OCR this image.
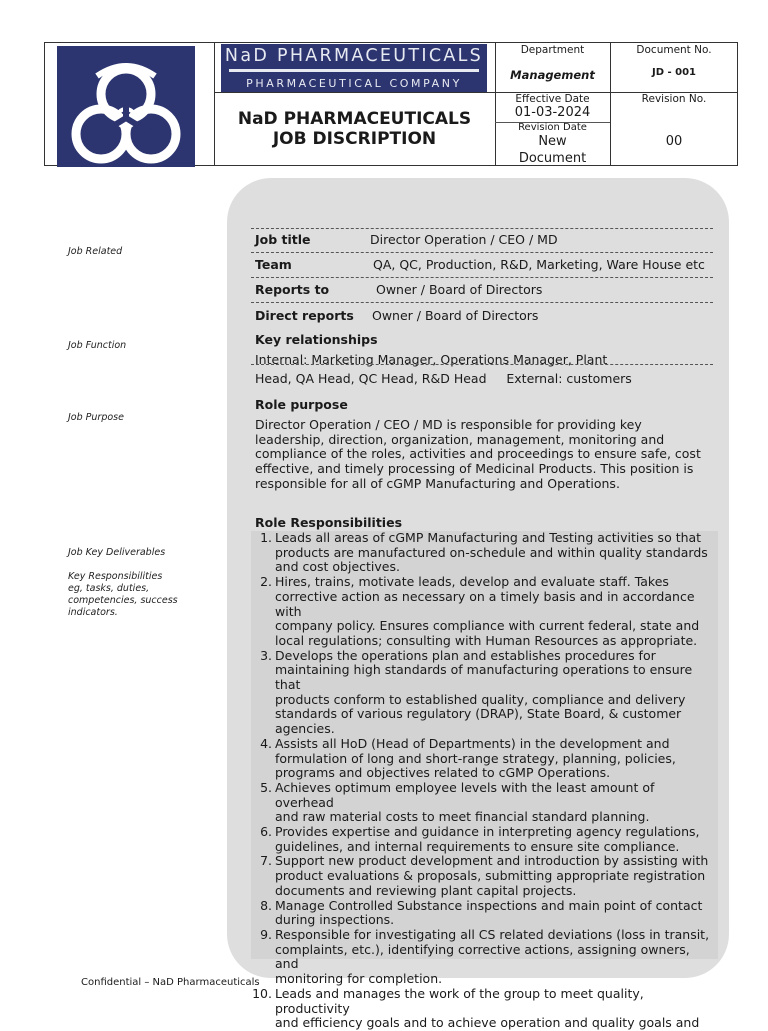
NaD PHARMACEUTICALS
PHARMACEUTICAL COMPANY
NaD PHARMACEUTICALS
JOB DISCRIPTION
Department
Management
Document No.
JD - 001
Effective Date
01-03-2024
Revision Date
New
Document
Revision No.
00
Job Related
Job Function
Job Purpose
Job Key Deliverables
Key Responsibilities
eg, tasks, duties,
competencies, success
indicators.
Job title	Director Operation / CEO / MD
Team	QA, QC, Production, R&D, Marketing, Ware House etc
Reports to	Owner / Board of Directors
Direct reports Owner / Board of Directors
Key relationships
Internal: Marketing Manager, Operations Manager, Plant
Head, QA Head, QC Head, R&D Head     External: customers
Role purpose
Director Operation / CEO / MD is responsible for providing key
leadership, direction, organization, management, monitoring and
compliance of the roles, activities and proceedings to ensure safe, cost
effective, and timely processing of Medicinal Products. This position is
responsible for all of cGMP Manufacturing and Operations.
Role Responsibilities
1. Leads all areas of cGMP Manufacturing and Testing activities so that
products are manufactured on-schedule and within quality standards
and cost objectives.
2. Hires, trains, motivate leads, develop and evaluate staff. Takes
corrective action as necessary on a timely basis and in accordance with
company policy. Ensures compliance with current federal, state and
local regulations; consulting with Human Resources as appropriate.
3. Develops the operations plan and establishes procedures for
maintaining high standards of manufacturing operations to ensure that
products conform to established quality, compliance and delivery
standards of various regulatory (DRAP), State Board, & customer
agencies.
4. Assists all HoD (Head of Departments) in the development and
formulation of long and short-range strategy, planning, policies,
programs and objectives related to cGMP Operations.
5. Achieves optimum employee levels with the least amount of overhead
and raw material costs to meet financial standard planning.
6. Provides expertise and guidance in interpreting agency regulations,
guidelines, and internal requirements to ensure site compliance.
7. Support new product development and introduction by assisting with
product evaluations & proposals, submitting appropriate registration
documents and reviewing plant capital projects.
8. Manage Controlled Substance inspections and main point of contact
during inspections.
9. Responsible for investigating all CS related deviations (loss in transit,
complaints, etc.), identifying corrective actions, assigning owners, and
monitoring for completion.
10. Leads and manages the work of the group to meet quality, productivity
and efficiency goals and to achieve operation and quality goals and
Confidential – NaD Pharmaceuticals
